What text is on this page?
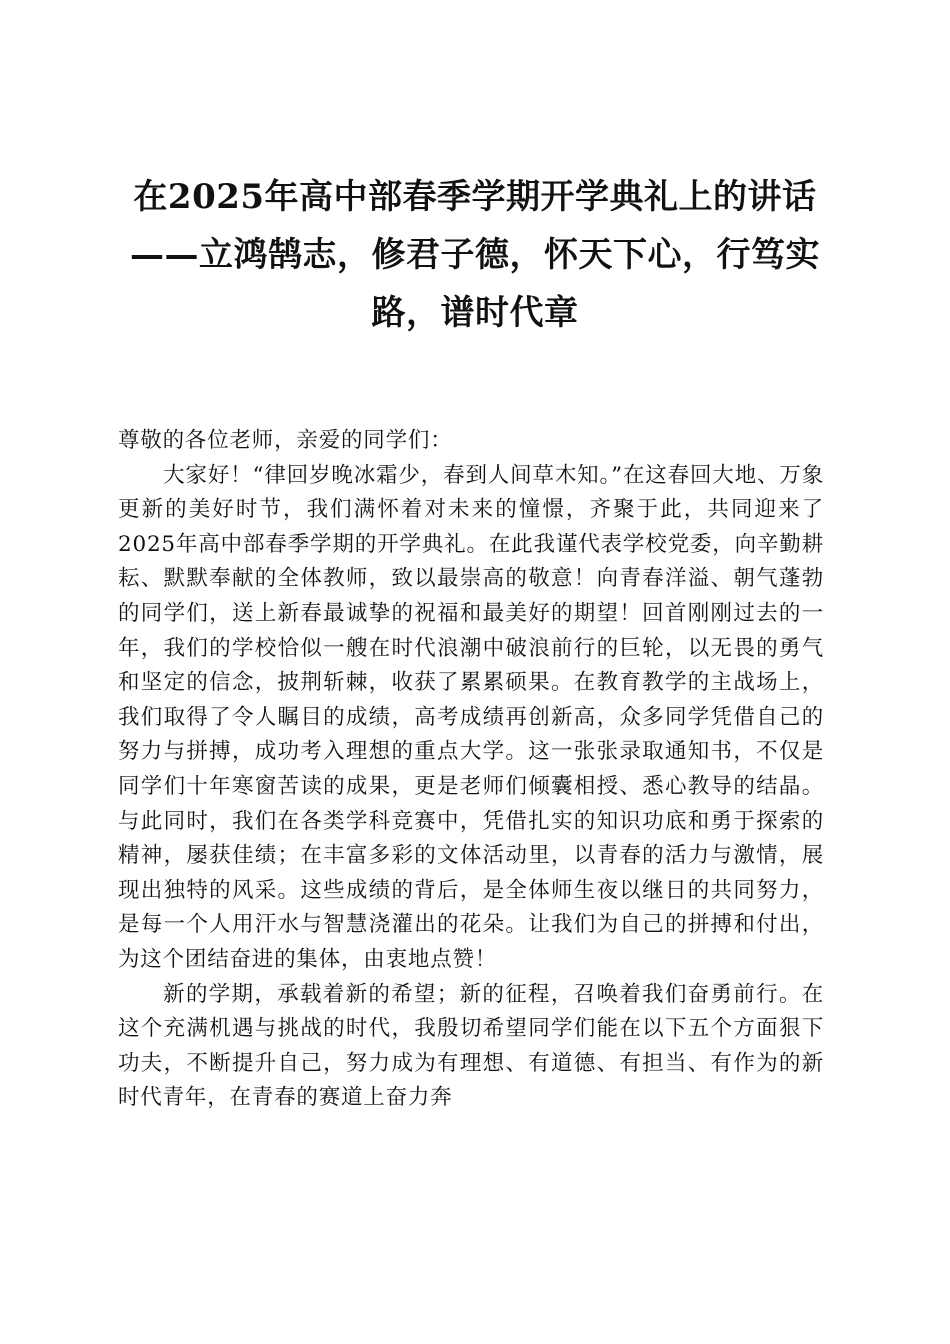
在2025年高中部春季学期开学典礼上的讲话
——立鸿鹄志，修君子德，怀天下心，行笃实
路，谱时代章

尊敬的各位老师，亲爱的同学们：

大家好！“律回岁晚冰霜少，春到人间草木知。”在这春回大地、万象更新的美好时节，我们满怀着对未来的憧憬，齐聚于此，共同迎来了2025年高中部春季学期的开学典礼。在此我谨代表学校党委，向辛勤耕耘、默默奉献的全体教师，致以最崇高的敬意！向青春洋溢、朝气蓬勃的同学们，送上新春最诚挚的祝福和最美好的期望！回首刚刚过去的一年，我们的学校恰似一艘在时代浪潮中破浪前行的巨轮，以无畏的勇气和坚定的信念，披荆斩棘，收获了累累硕果。在教育教学的主战场上，我们取得了令人瞩目的成绩，高考成绩再创新高，众多同学凭借自己的努力与拼搏，成功考入理想的重点大学。这一张张录取通知书，不仅是同学们十年寒窗苦读的成果，更是老师们倾囊相授、悉心教导的结晶。与此同时，我们在各类学科竞赛中，凭借扎实的知识功底和勇于探索的精神，屡获佳绩；在丰富多彩的文体活动里，以青春的活力与激情，展现出独特的风采。这些成绩的背后，是全体师生夜以继日的共同努力，是每一个人用汗水与智慧浇灌出的花朵。让我们为自己的拼搏和付出，为这个团结奋进的集体，由衷地点赞！

新的学期，承载着新的希望；新的征程，召唤着我们奋勇前行。在这个充满机遇与挑战的时代，我殷切希望同学们能在以下五个方面狠下功夫，不断提升自己，努力成为有理想、有道德、有担当、有作为的新时代青年，在青春的赛道上奋力奔
